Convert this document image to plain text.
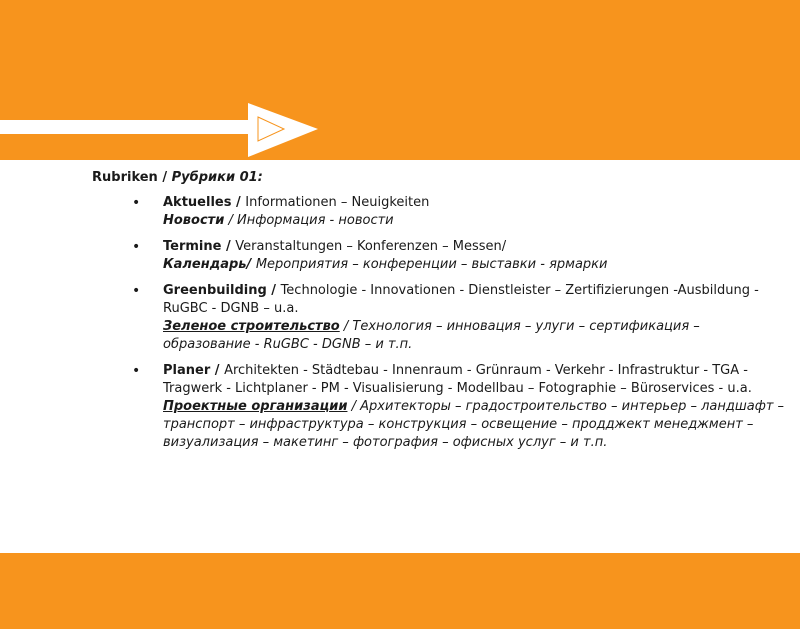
Rubriken / Рубрики 01:
• Aktuelles / Informationen – Neuigkeiten
Новости / Информация - новости
• Termine / Veranstaltungen – Konferenzen – Messen/
Календарь/ Мероприятия – конференции – выставки - ярмарки
• Greenbuilding / Technologie - Innovationen - Dienstleister – Zertifizierungen -Ausbildung - RuGBC - DGNB – u.a.
Зеленое строительство / Технология – инновация – улуги – сертификация – образование - RuGBC - DGNB – и т.п.
• Planer / Architekten - Städtebau - Innenraum - Grünraum - Verkehr - Infrastruktur - TGA - Tragwerk - Lichtplaner - PM - Visualisierung - Modellbau – Fotographie – Büroservices - u.a.
Проектные организации / Архитекторы – градостроительство – интерьер – ландшафт – транспорт – инфраструктура – конструкция – освещение – продджект менеджмент – визуализация – макетинг – фотография – офисных услуг – и т.п.
